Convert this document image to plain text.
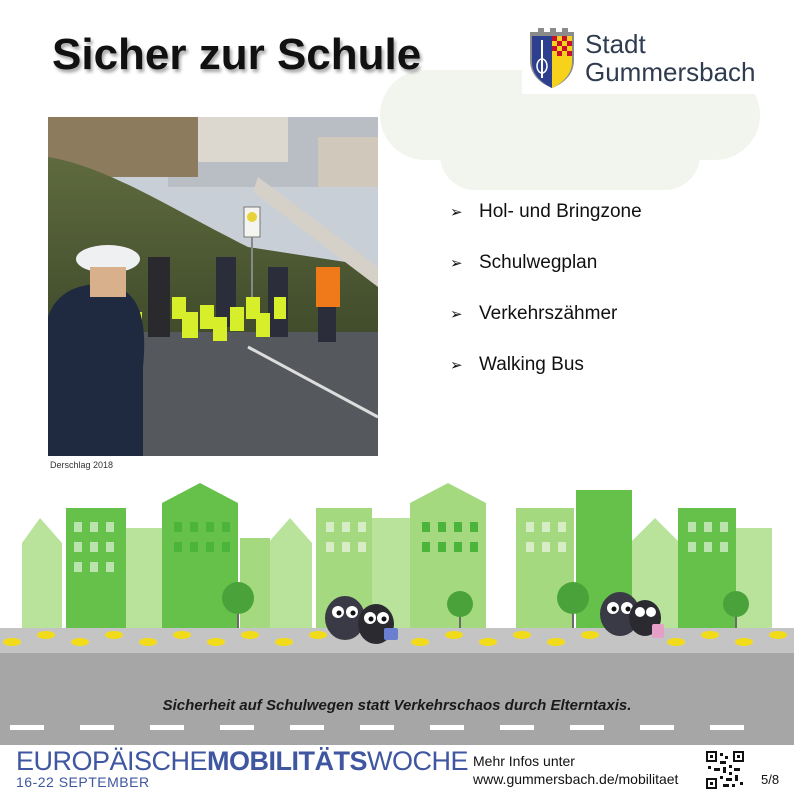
Sicher zur Schule	Stadt
Gummersbach
Derschlag 2018
➢ Hol- und Bringzone
➢ Schulwegplan
➢ Verkehrszähmer
➢ Walking Bus
Sicherheit auf Schulwegen statt Verkehrschaos durch Elterntaxis.
EUROPÄISCHEMOBILITÄTSWOCHE
16-22 SEPTEMBER
Mehr Infos unter
www.gummersbach.de/mobilitaet	5/8
